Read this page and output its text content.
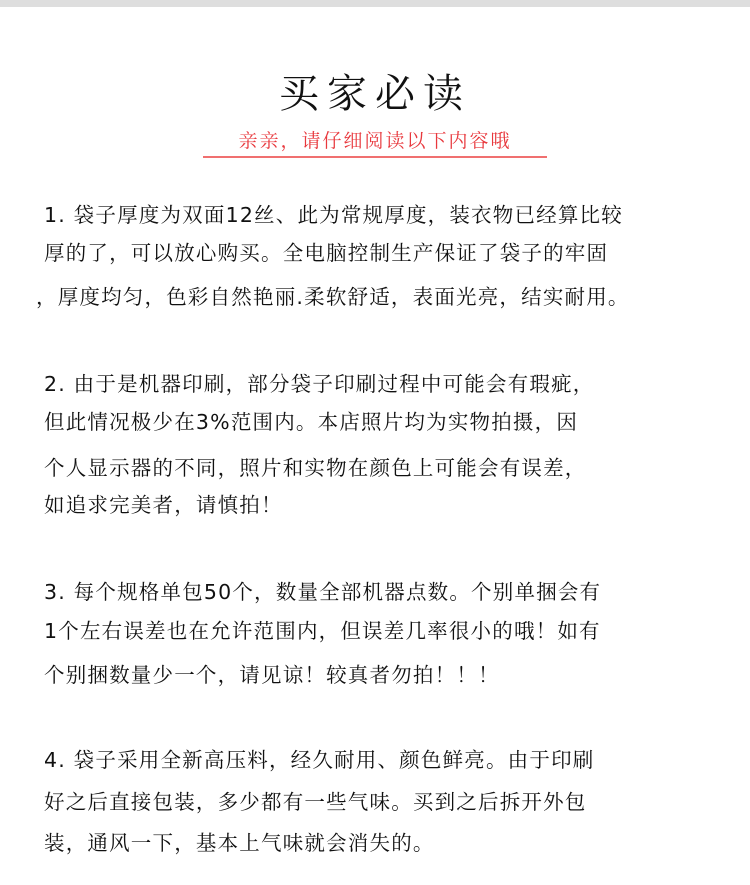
买家必读
亲亲，请仔细阅读以下内容哦
1. 袋子厚度为双面12丝、此为常规厚度，装衣物已经算比较
厚的了，可以放心购买。全电脑控制生产保证了袋子的牢固
，厚度均匀，色彩自然艳丽.柔软舒适，表面光亮，结实耐用。
2. 由于是机器印刷，部分袋子印刷过程中可能会有瑕疵，
但此情况极少在3%范围内。本店照片均为实物拍摄，因
个人显示器的不同，照片和实物在颜色上可能会有误差，
如追求完美者，请慎拍！
3. 每个规格单包50个，数量全部机器点数。个别单捆会有
1个左右误差也在允许范围内，但误差几率很小的哦！如有
个别捆数量少一个，请见谅！较真者勿拍！！！
4. 袋子采用全新高压料，经久耐用、颜色鲜亮。由于印刷
好之后直接包装，多少都有一些气味。买到之后拆开外包
装，通风一下，基本上气味就会消失的。
